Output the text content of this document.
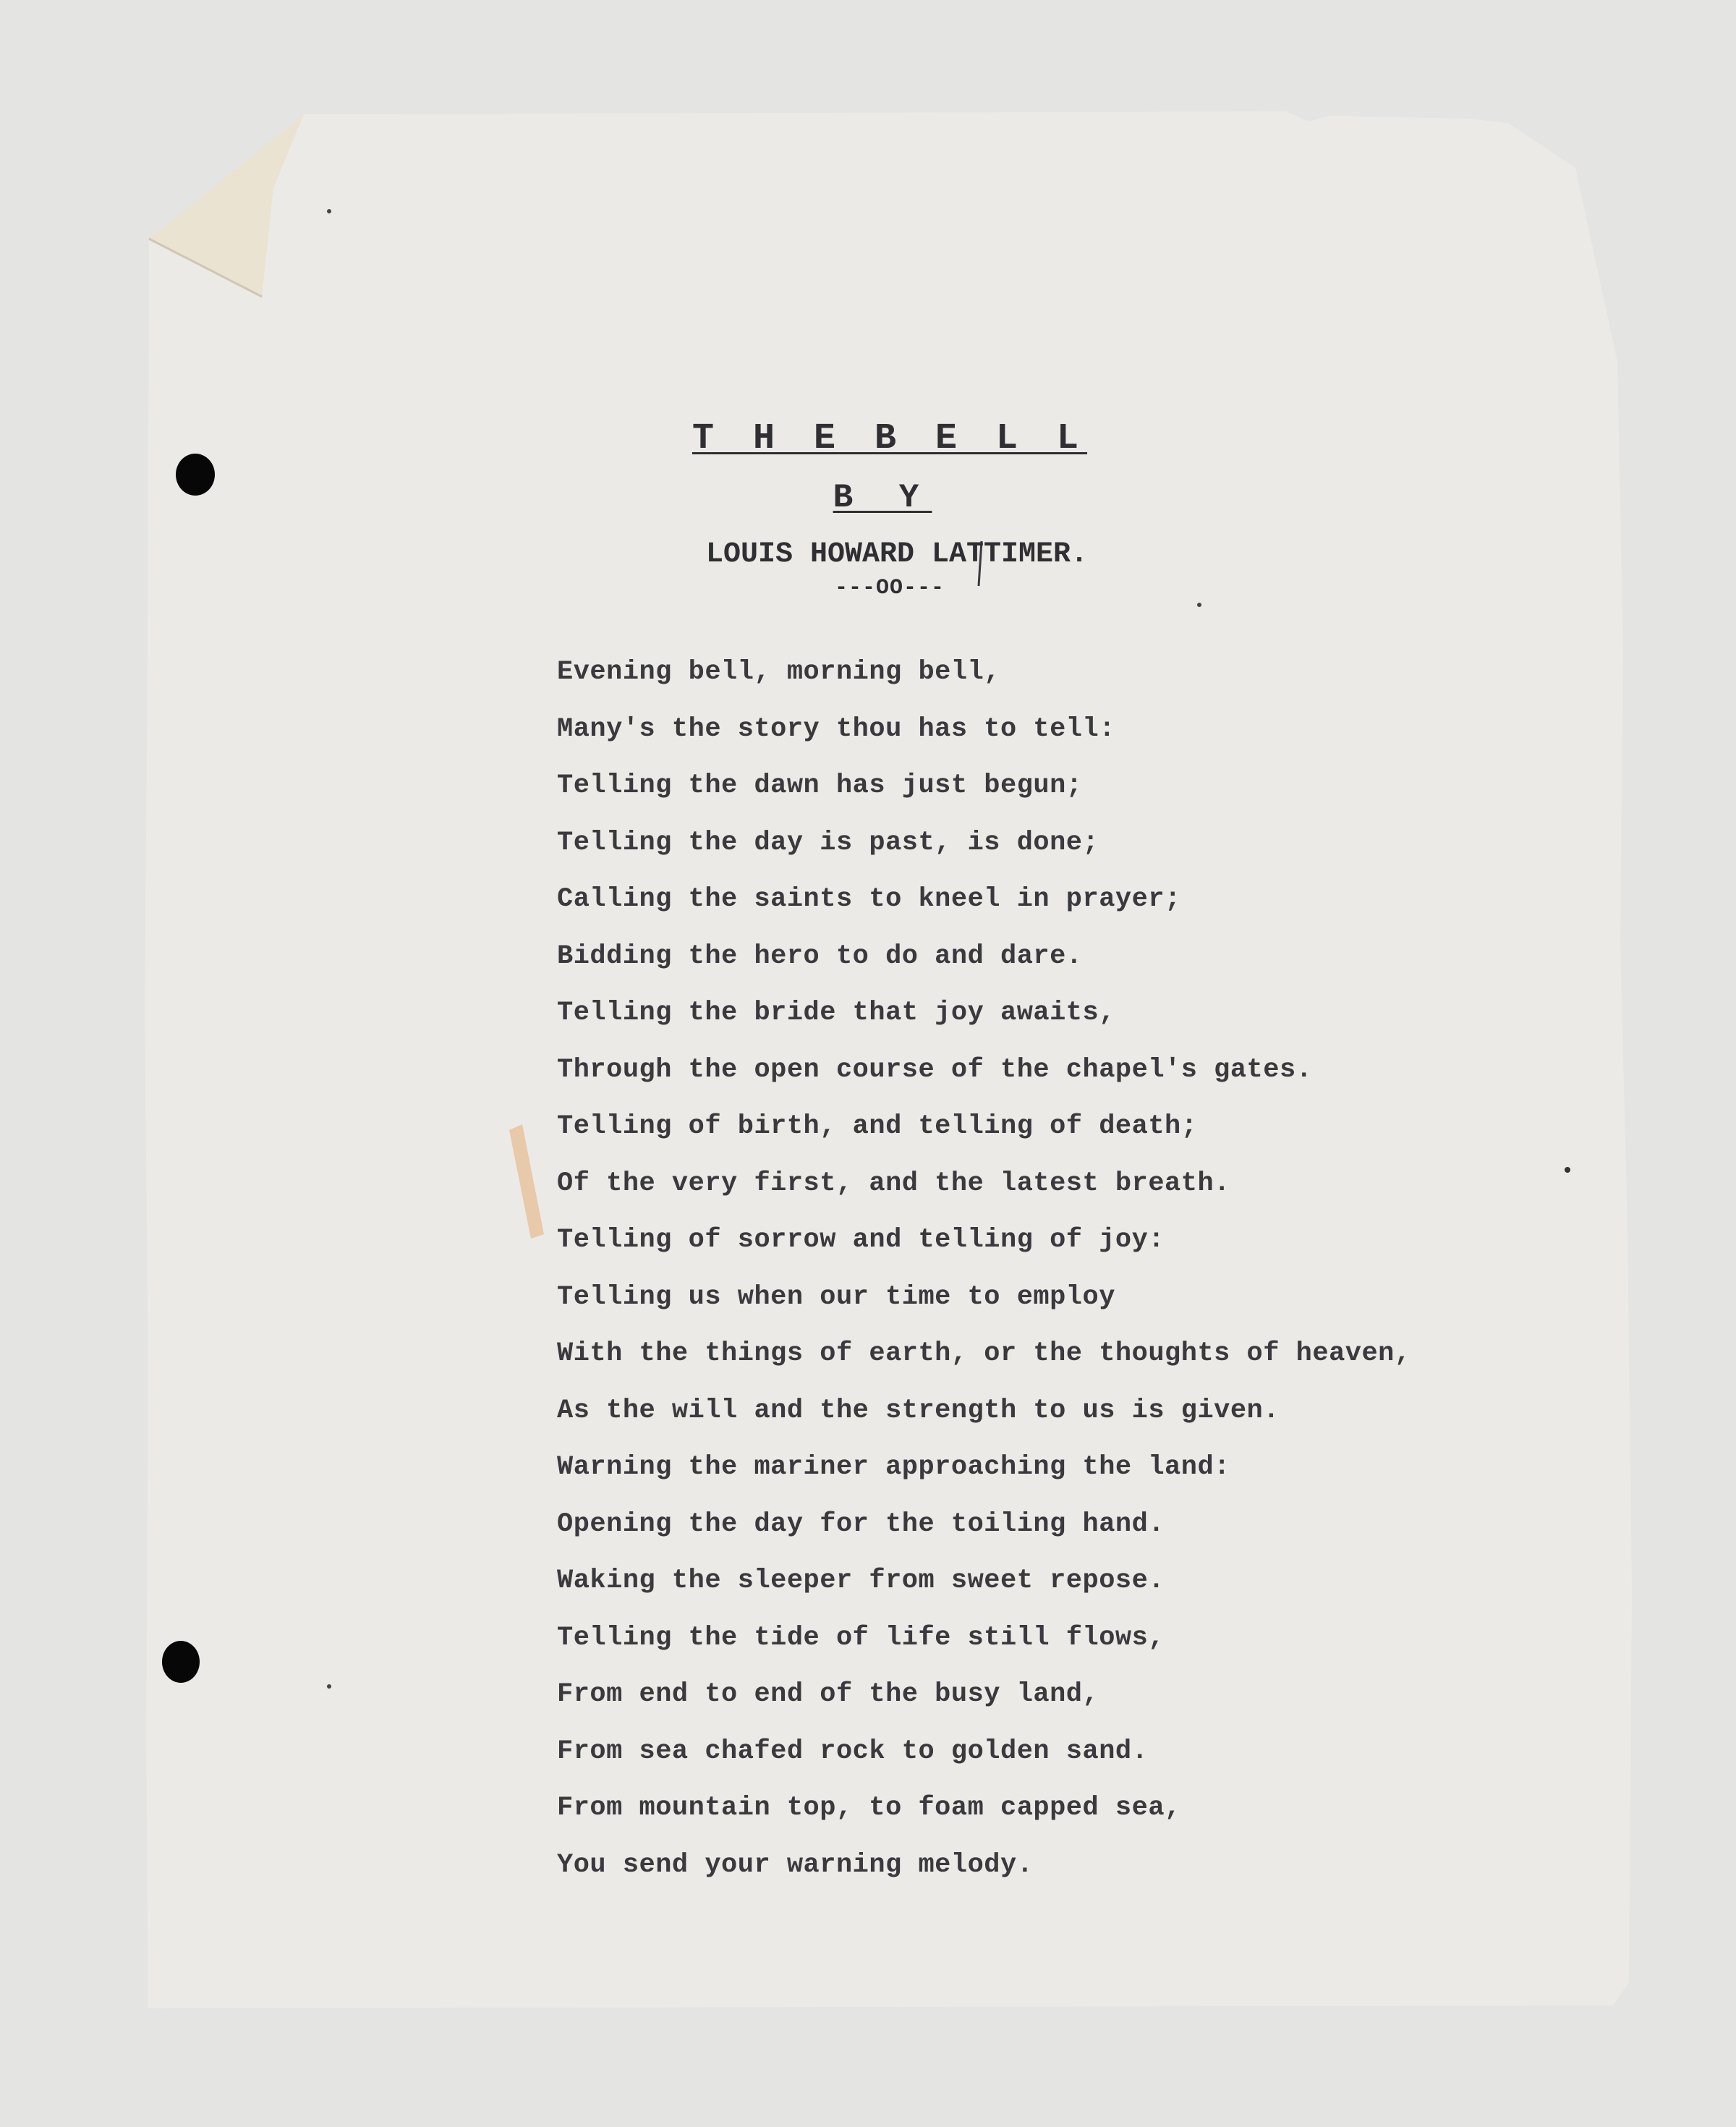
T H E B E L L
B Y
LOUIS HOWARD LATTIMER.
---OO---
Evening bell, morning bell,
Many's the story thou has to tell:
Telling the dawn has just begun;
Telling the day is past, is done;
Calling the saints to kneel in prayer;
Bidding the hero to do and dare.
Telling the bride that joy awaits,
Through the open course of the chapel's gates.
Telling of birth, and telling of death;
Of the very first, and the latest breath.
Telling of sorrow and telling of joy:
Telling us when our time to employ
With the things of earth, or the thoughts of heaven,
As the will and the strength to us is given.
Warning the mariner approaching the land:
Opening the day for the toiling hand.
Waking the sleeper from sweet repose.
Telling the tide of life still flows,
From end to end of the busy land,
From sea chafed rock to golden sand.
From mountain top, to foam capped sea,
You send your warning melody.
